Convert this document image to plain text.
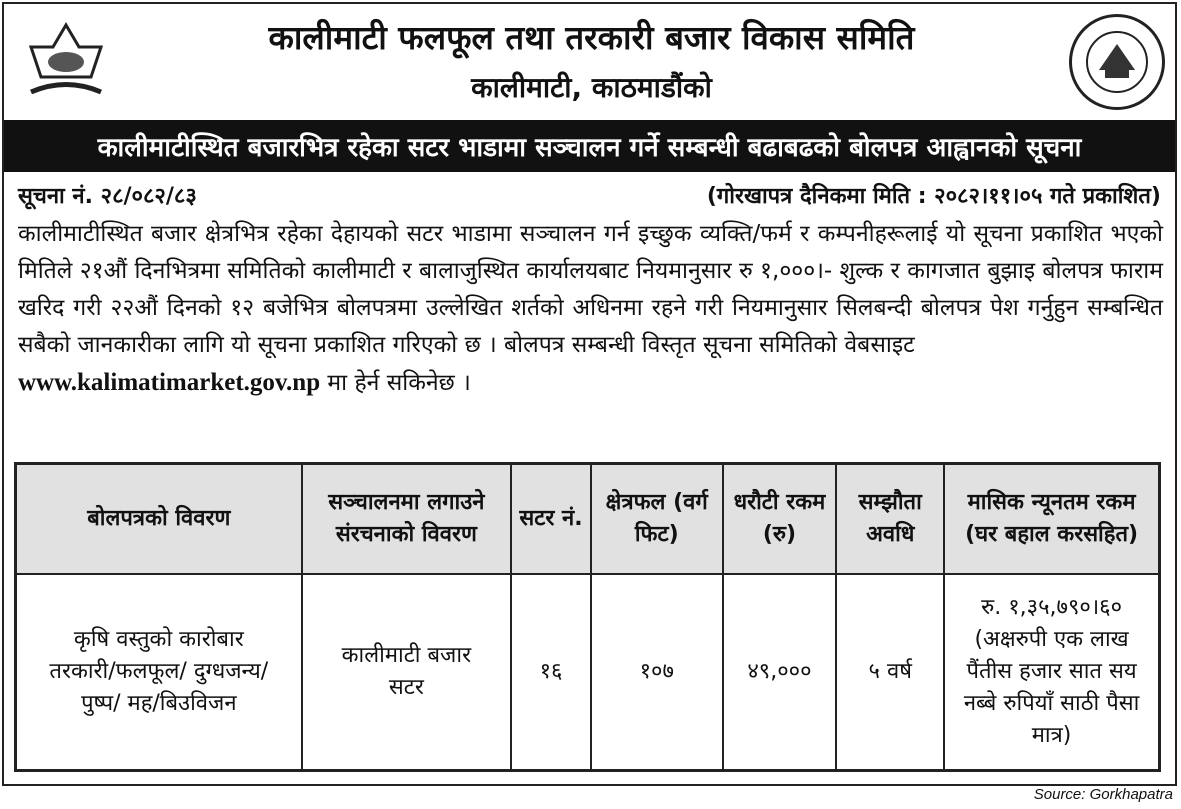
कालीमाटी फलफूल तथा तरकारी बजार विकास समिति
कालीमाटी, काठमाडौंको
कालीमाटीस्थित बजारभित्र रहेका सटर भाडामा सञ्चालन गर्ने सम्बन्धी बढाबढको बोलपत्र आह्वानको सूचना
सूचना नं. २८/०८२/८३	(गोरखापत्र दैनिकमा मिति : २०८२।११।०५ गते प्रकाशित)
कालीमाटीस्थित बजार क्षेत्रभित्र रहेका देहायको सटर भाडामा सञ्चालन गर्न इच्छुक व्यक्ति/फर्म र कम्पनीहरूलाई यो सूचना प्रकाशित भएको मितिले २१औं दिनभित्रमा समितिको कालीमाटी र बालाजुस्थित कार्यालयबाट नियमानुसार रु १,०००।- शुल्क र कागजात बुझाइ बोलपत्र फाराम खरिद गरी २२औं दिनको १२ बजेभित्र बोलपत्रमा उल्लेखित शर्तको अधिनमा रहने गरी नियमानुसार सिलबन्दी बोलपत्र पेश गर्नुहुन सम्बन्धित सबैको जानकारीका लागि यो सूचना प्रकाशित गरिएको छ । बोलपत्र सम्बन्धी विस्तृत सूचना समितिको वेबसाइट
www.kalimatimarket.gov.np मा हेर्न सकिनेछ ।
बोलपत्रको विवरण	सञ्चालनमा लगाउने संरचनाको विवरण	सटर नं.	क्षेत्रफल (वर्ग फिट)	धरौटी रकम (रु)	सम्झौता अवधि	मासिक न्यूनतम रकम (घर बहाल करसहित)
कृषि वस्तुको कारोबार तरकारी/फलफूल/ दुग्धजन्य/पुष्प/ मह/बिउविजन	कालीमाटी बजार सटर	१६	१०७	४९,०००	५ वर्ष	रु. १,३५,७९०।६० (अक्षरुपी एक लाख पैंतीस हजार सात सय नब्बे रुपियाँ साठी पैसा मात्र)
Source: Gorkhapatra
